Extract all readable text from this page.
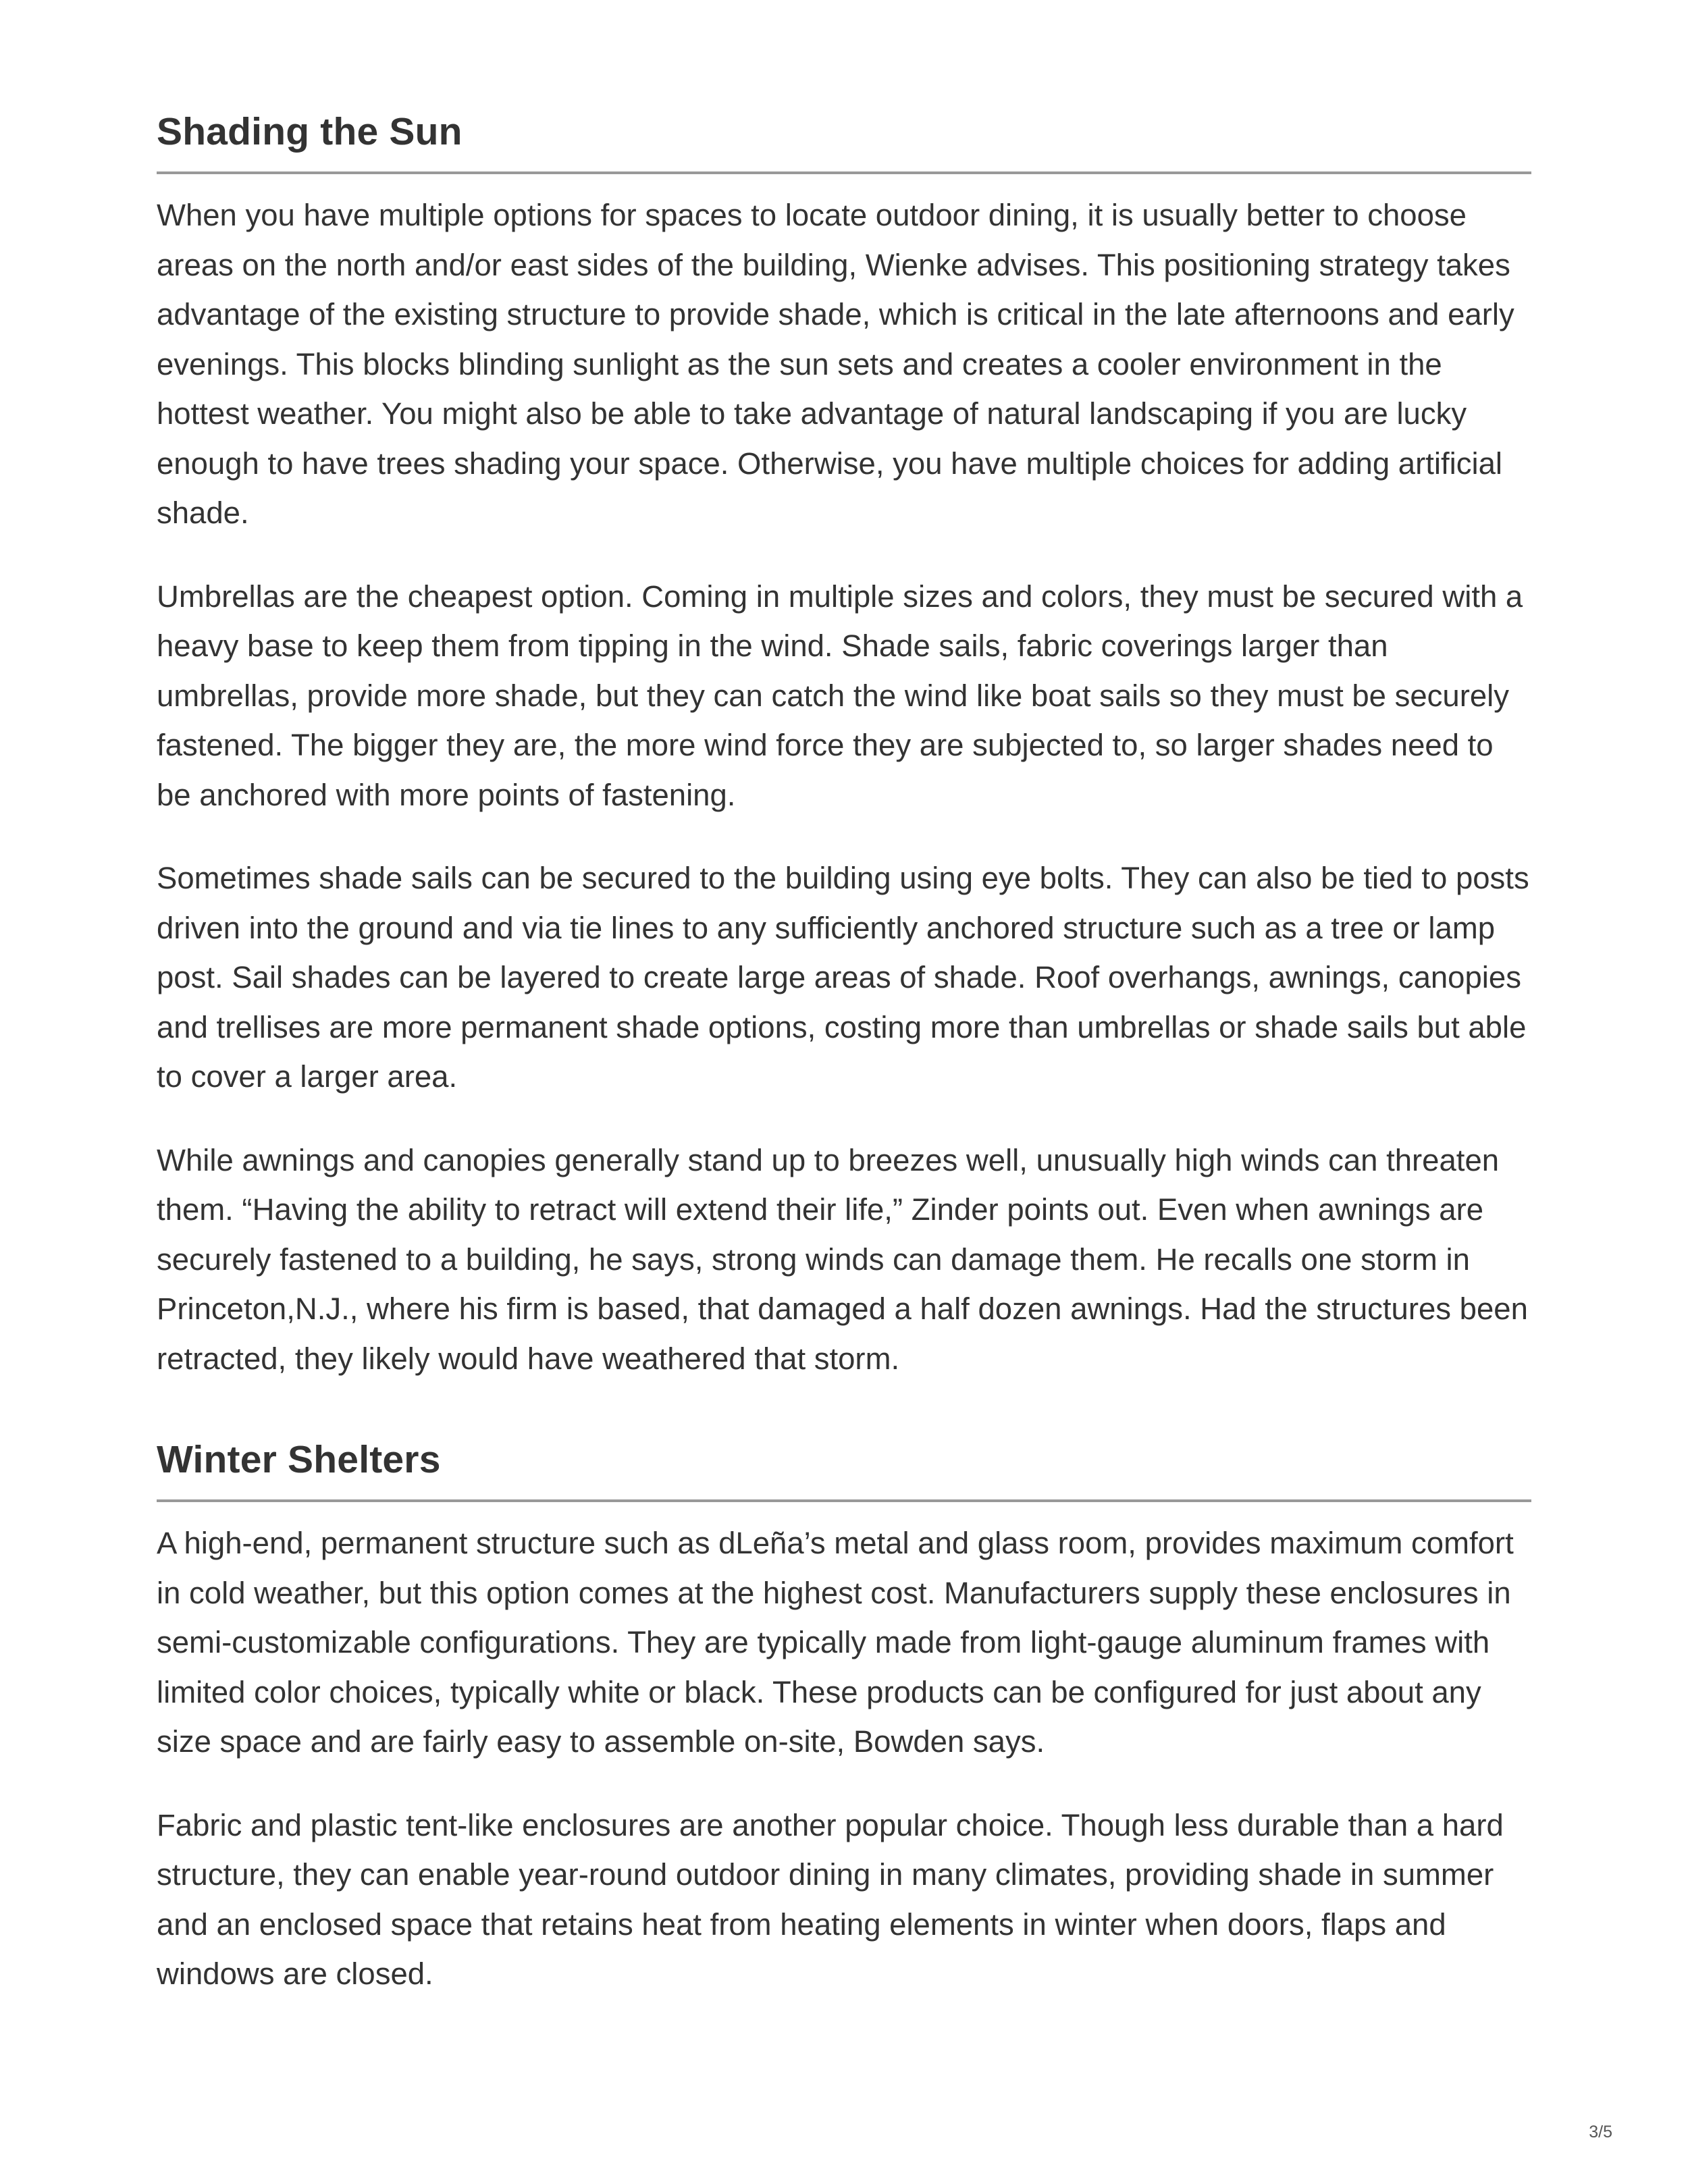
Shading the Sun

When you have multiple options for spaces to locate outdoor dining, it is usually better to choose areas on the north and/or east sides of the building, Wienke advises. This positioning strategy takes advantage of the existing structure to provide shade, which is critical in the late afternoons and early evenings. This blocks blinding sunlight as the sun sets and creates a cooler environment in the hottest weather. You might also be able to take advantage of natural landscaping if you are lucky enough to have trees shading your space. Otherwise, you have multiple choices for adding artificial shade.

Umbrellas are the cheapest option. Coming in multiple sizes and colors, they must be secured with a heavy base to keep them from tipping in the wind. Shade sails, fabric coverings larger than umbrellas, provide more shade, but they can catch the wind like boat sails so they must be securely fastened. The bigger they are, the more wind force they are subjected to, so larger shades need to be anchored with more points of fastening.

Sometimes shade sails can be secured to the building using eye bolts. They can also be tied to posts driven into the ground and via tie lines to any sufficiently anchored structure such as a tree or lamp post. Sail shades can be layered to create large areas of shade. Roof overhangs, awnings, canopies and trellises are more permanent shade options, costing more than umbrellas or shade sails but able to cover a larger area.

While awnings and canopies generally stand up to breezes well, unusually high winds can threaten them. “Having the ability to retract will extend their life,” Zinder points out. Even when awnings are securely fastened to a building, he says, strong winds can damage them. He recalls one storm in Princeton,N.J., where his firm is based, that damaged a half dozen awnings. Had the structures been retracted, they likely would have weathered that storm.

Winter Shelters

A high-end, permanent structure such as dLeña’s metal and glass room, provides maximum comfort in cold weather, but this option comes at the highest cost. Manufacturers supply these enclosures in semi-customizable configurations. They are typically made from light-gauge aluminum frames with limited color choices, typically white or black. These products can be configured for just about any size space and are fairly easy to assemble on-site, Bowden says.

Fabric and plastic tent-like enclosures are another popular choice. Though less durable than a hard structure, they can enable year-round outdoor dining in many climates, providing shade in summer and an enclosed space that retains heat from heating elements in winter when doors, flaps and windows are closed.

3/5
